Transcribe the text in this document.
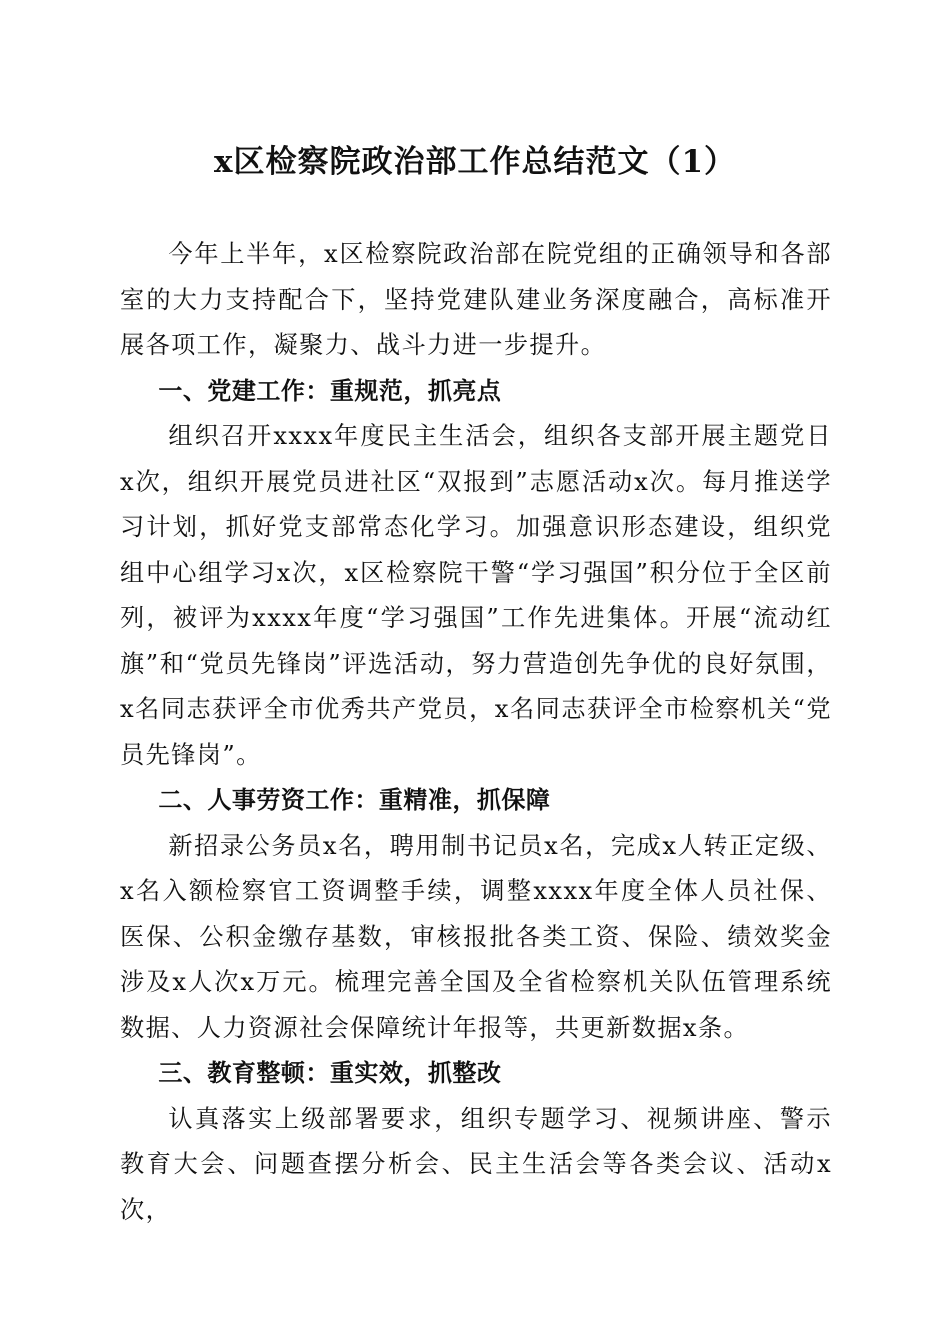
x区检察院政治部工作总结范文（1）

今年上半年，x区检察院政治部在院党组的正确领导和各部室的大力支持配合下，坚持党建队建业务深度融合，高标准开展各项工作，凝聚力、战斗力进一步提升。

一、党建工作：重规范，抓亮点

组织召开xxxx年度民主生活会，组织各支部开展主题党日x次，组织开展党员进社区“双报到”志愿活动x次。每月推送学习计划，抓好党支部常态化学习。加强意识形态建设，组织党组中心组学习x次，x区检察院干警“学习强国”积分位于全区前列，被评为xxxx年度“学习强国”工作先进集体。开展“流动红旗”和“党员先锋岗”评选活动，努力营造创先争优的良好氛围，x名同志获评全市优秀共产党员，x名同志获评全市检察机关“党员先锋岗”。

二、人事劳资工作：重精准，抓保障

新招录公务员x名，聘用制书记员x名，完成x人转正定级、x名入额检察官工资调整手续，调整xxxx年度全体人员社保、医保、公积金缴存基数，审核报批各类工资、保险、绩效奖金涉及x人次x万元。梳理完善全国及全省检察机关队伍管理系统数据、人力资源社会保障统计年报等，共更新数据x条。

三、教育整顿：重实效，抓整改

认真落实上级部署要求，组织专题学习、视频讲座、警示教育大会、问题查摆分析会、民主生活会等各类会议、活动x次，
